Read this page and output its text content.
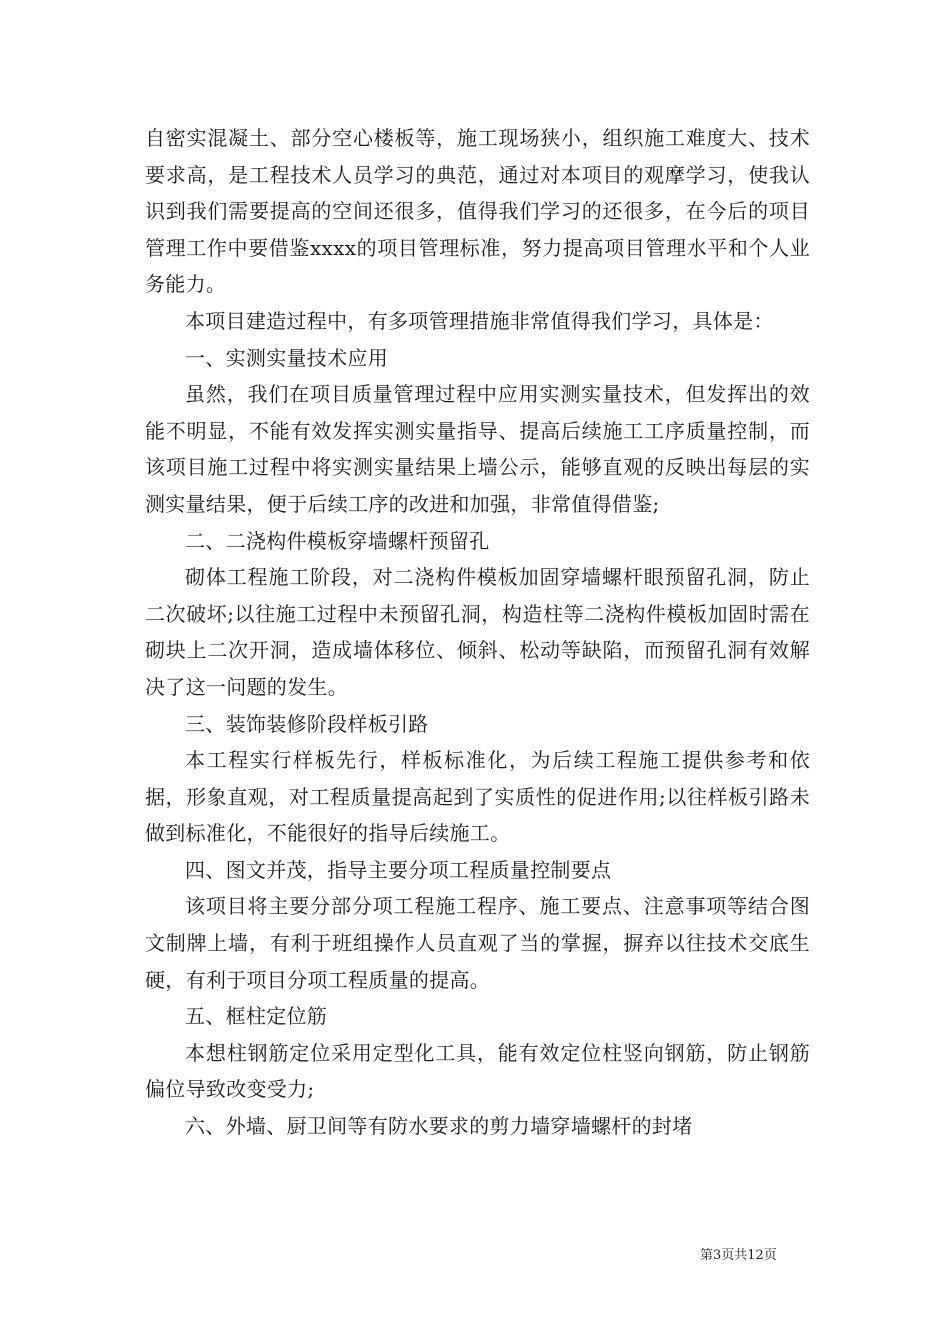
自密实混凝土、部分空心楼板等，施工现场狭小，组织施工难度大、技术要求高，是工程技术人员学习的典范，通过对本项目的观摩学习，使我认识到我们需要提高的空间还很多，值得我们学习的还很多，在今后的项目管理工作中要借鉴xxxx的项目管理标准，努力提高项目管理水平和个人业务能力。

本项目建造过程中，有多项管理措施非常值得我们学习，具体是：

一、实测实量技术应用

虽然，我们在项目质量管理过程中应用实测实量技术，但发挥出的效能不明显，不能有效发挥实测实量指导、提高后续施工工序质量控制，而该项目施工过程中将实测实量结果上墙公示，能够直观的反映出每层的实测实量结果，便于后续工序的改进和加强，非常值得借鉴;

二、二浇构件模板穿墙螺杆预留孔

砌体工程施工阶段，对二浇构件模板加固穿墙螺杆眼预留孔洞，防止二次破坏;以往施工过程中未预留孔洞，构造柱等二浇构件模板加固时需在砌块上二次开洞，造成墙体移位、倾斜、松动等缺陷，而预留孔洞有效解决了这一问题的发生。

三、装饰装修阶段样板引路

本工程实行样板先行，样板标准化，为后续工程施工提供参考和依据，形象直观，对工程质量提高起到了实质性的促进作用;以往样板引路未做到标准化，不能很好的指导后续施工。

四、图文并茂，指导主要分项工程质量控制要点

该项目将主要分部分项工程施工程序、施工要点、注意事项等结合图文制牌上墙，有利于班组操作人员直观了当的掌握，摒弃以往技术交底生硬，有利于项目分项工程质量的提高。

五、框柱定位筋

本想柱钢筋定位采用定型化工具，能有效定位柱竖向钢筋，防止钢筋偏位导致改变受力;

六、外墙、厨卫间等有防水要求的剪力墙穿墙螺杆的封堵

第3页共12页
